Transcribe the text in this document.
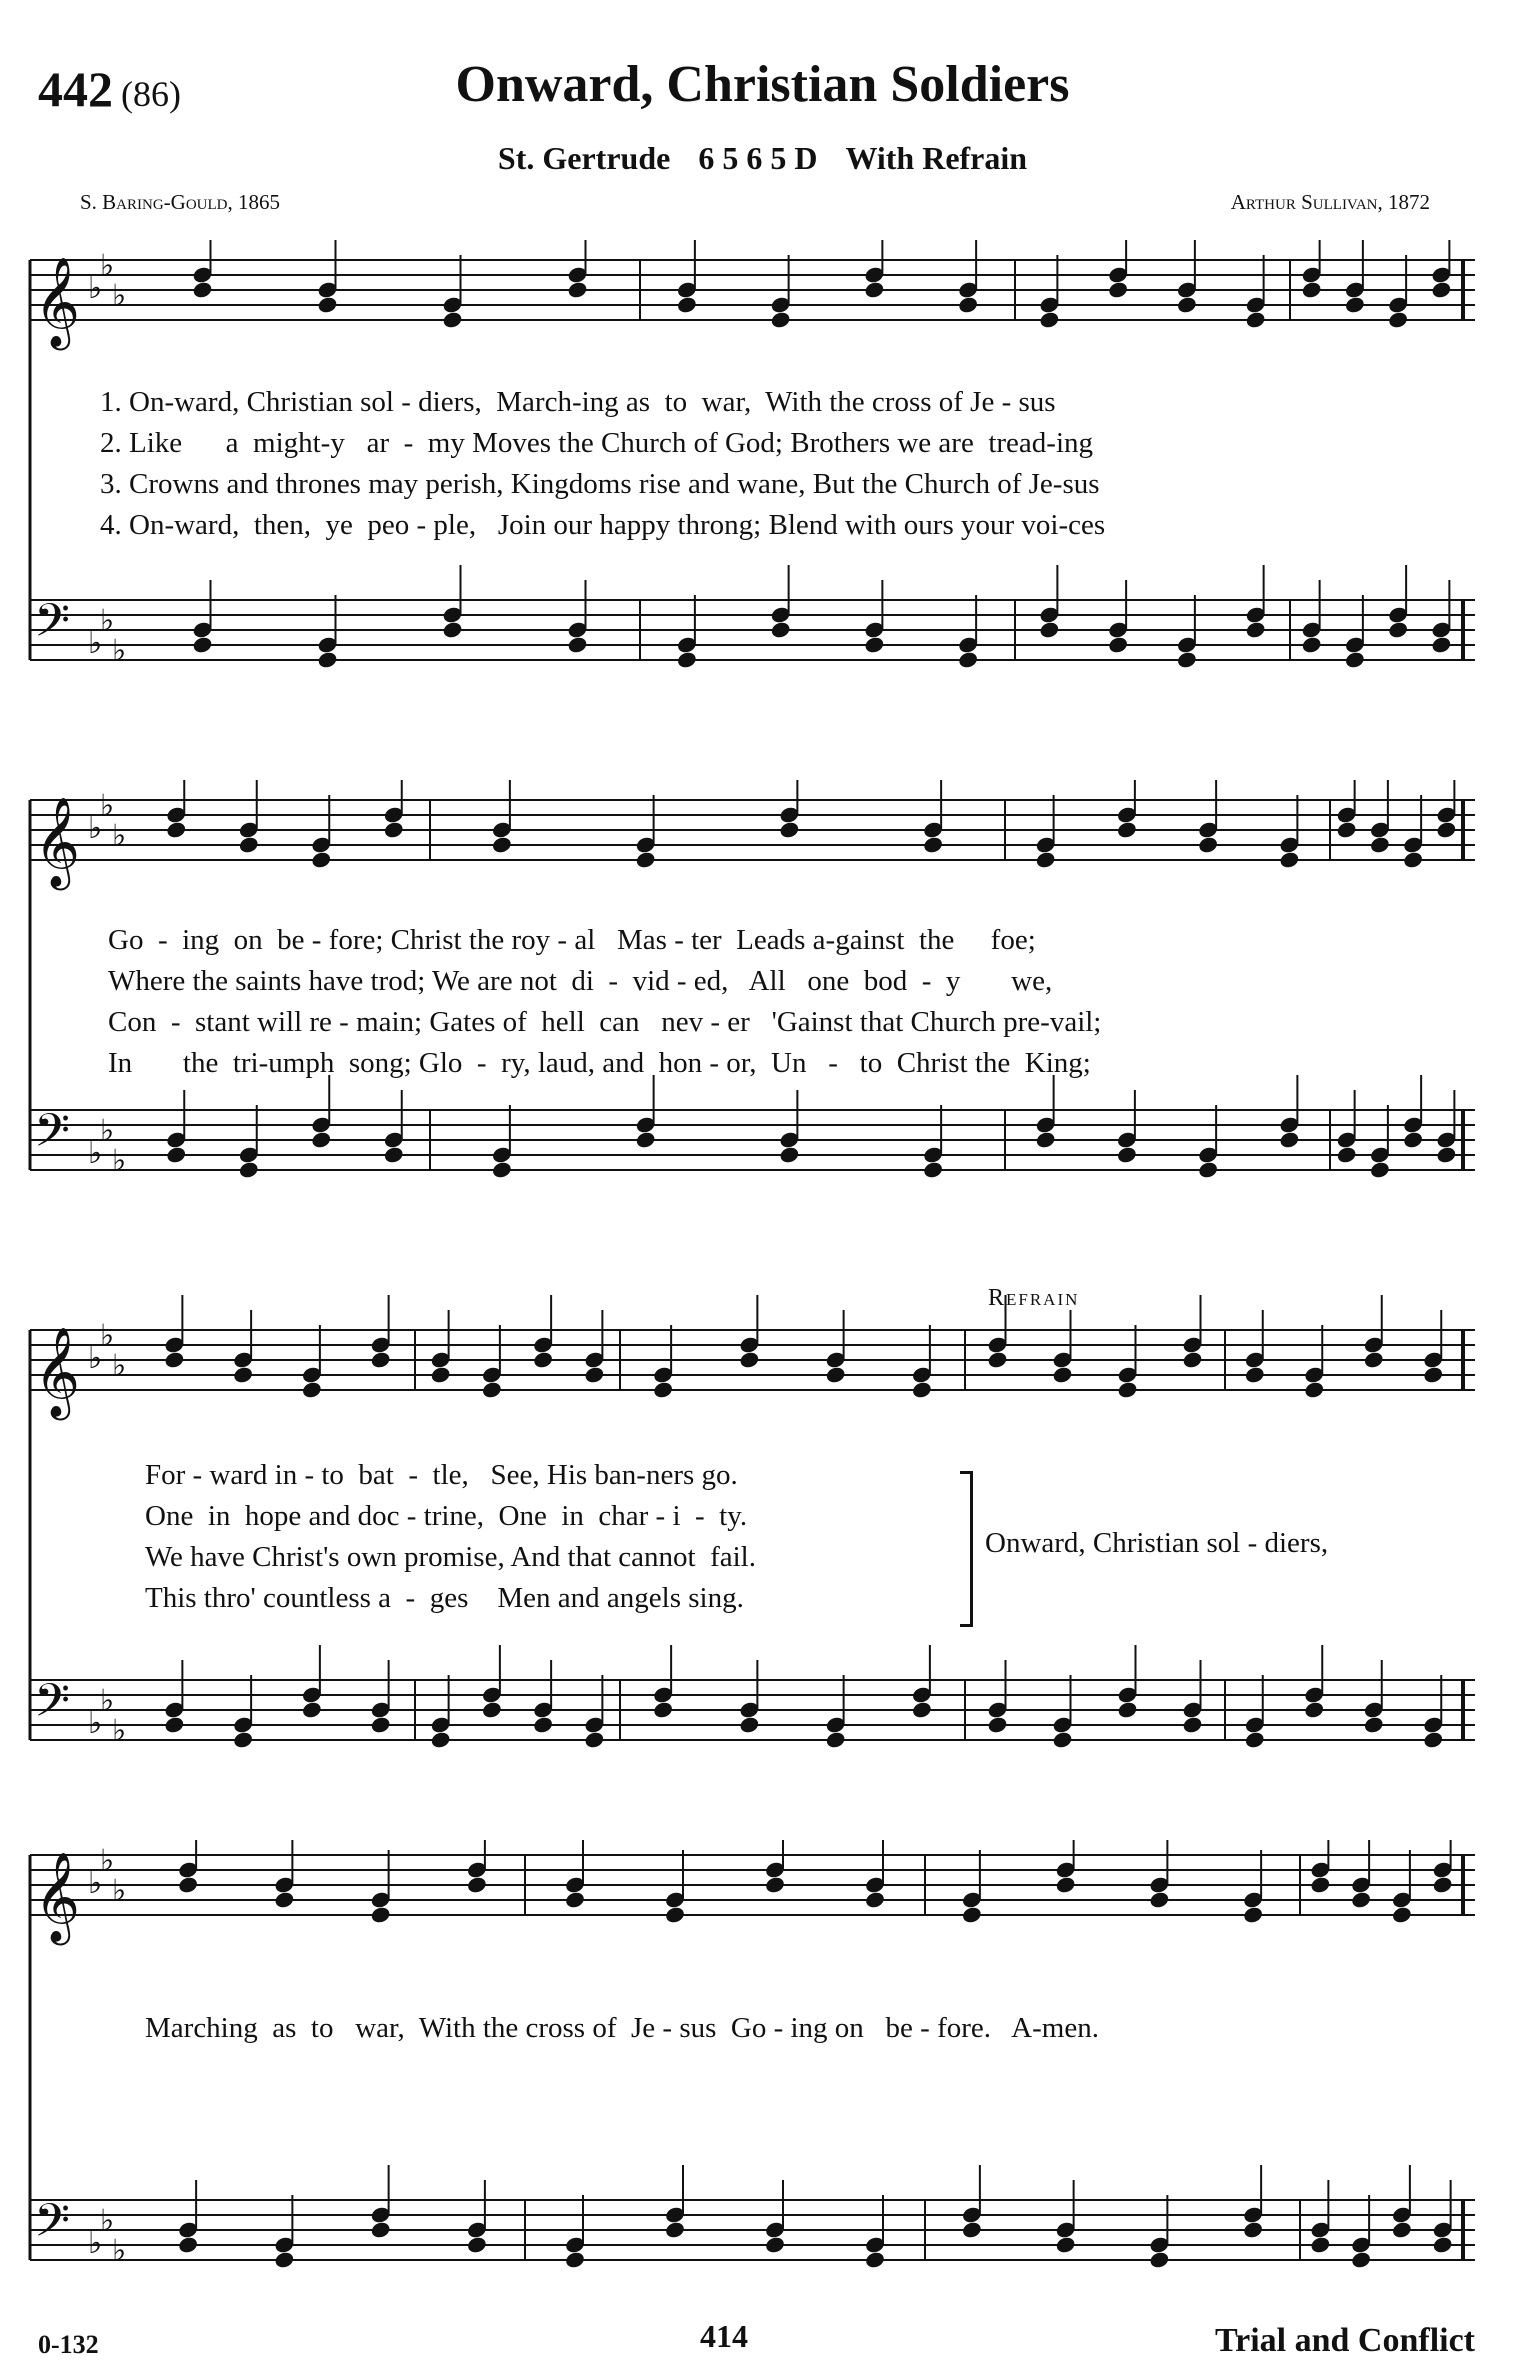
442 (86)	Onward, Christian Soldiers
St. Gertrude 6 5 6 5 D With Refrain
S. Baring-Gould, 1865	Arthur Sullivan, 1872
𝄞 ♭
♭
♭
𝄢 ♭
♭
♭
1. On-ward, Christian sol - diers,  March-ing as  to  war,  With the cross of Je - sus
2. Like      a  might-y   ar  -  my Moves the Church of God; Brothers we are  tread-ing
3. Crowns and thrones may perish, Kingdoms rise and wane, But the Church of Je-sus
4. On-ward,  then,  ye  peo - ple,   Join our happy throng; Blend with ours your voi-ces
𝄞 ♭
♭
♭
𝄢 ♭
♭
♭
Go  -  ing  on  be - fore; Christ the roy - al   Mas - ter  Leads a-gainst  the     foe;
Where the saints have trod; We are not  di  -  vid - ed,   All   one  bod  -  y       we,
Con  -  stant will re - main; Gates of  hell  can   nev - er   'Gainst that Church pre-vail;
In       the  tri-umph  song; Glo  -  ry, laud, and  hon - or,  Un   -   to  Christ the  King;
𝄞 ♭
♭
♭
𝄢 ♭
♭
♭
Refrain
For - ward in - to  bat  -  tle,   See, His ban-ners go.
One  in  hope and doc - trine,  One  in  char - i  -  ty.
We have Christ's own promise, And that cannot  fail.
This thro' countless a  -  ges    Men and angels sing.
Onward, Christian sol - diers,
𝄞 ♭
♭
♭
𝄢 ♭
♭
♭
Marching  as  to   war,  With the cross of  Je - sus  Go - ing on   be - fore.   A-men.
0-132	414	Trial and Conflict
